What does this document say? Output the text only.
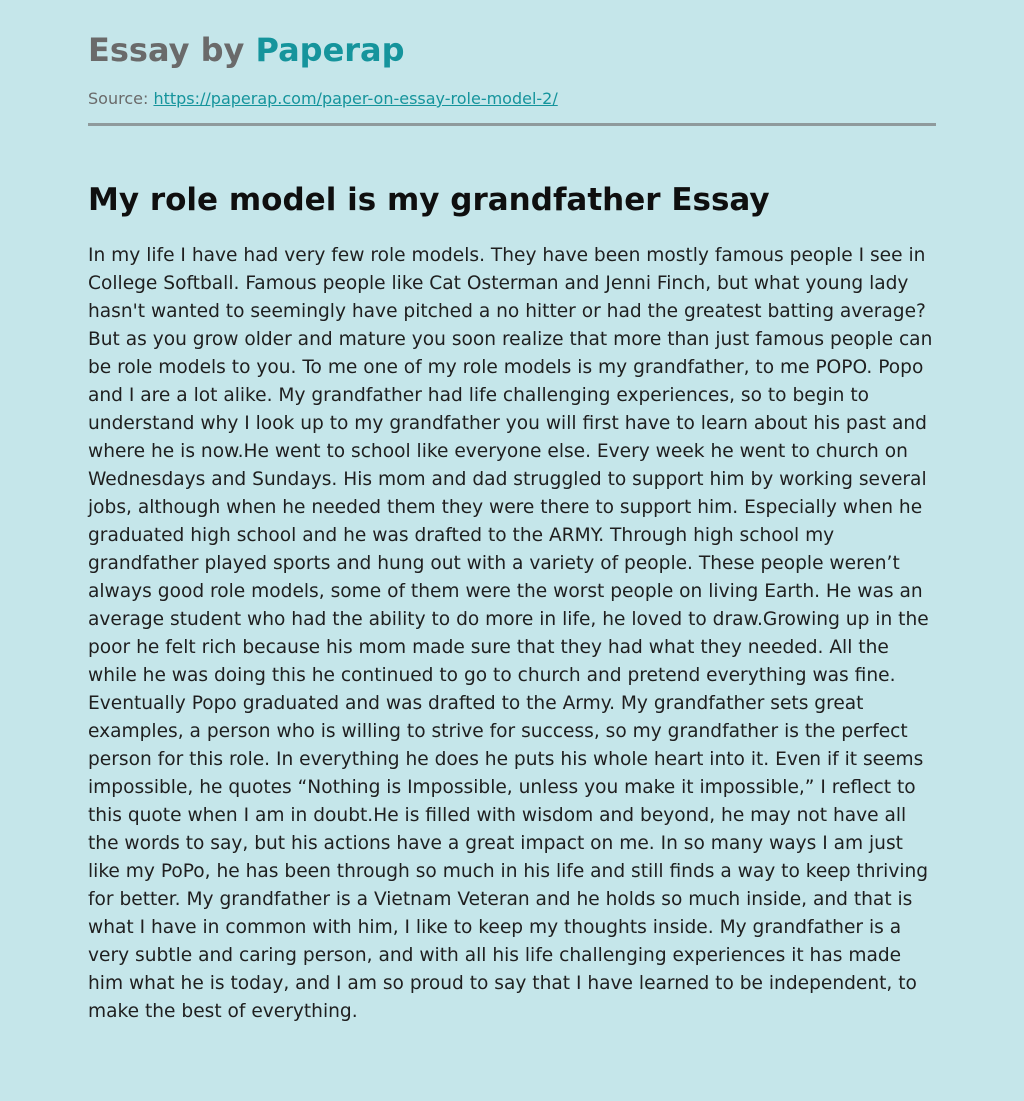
Essay by Paperap
Source: https://paperap.com/paper-on-essay-role-model-2/
My role model is my grandfather Essay

In my life I have had very few role models. They have been mostly famous people I see in College Softball. Famous people like Cat Osterman and Jenni Finch, but what young lady hasn't wanted to seemingly have pitched a no hitter or had the greatest batting average? But as you grow older and mature you soon realize that more than just famous people can be role models to you. To me one of my role models is my grandfather, to me POPO. Popo and I are a lot alike. My grandfather had life challenging experiences, so to begin to understand why I look up to my grandfather you will first have to learn about his past and where he is now.He went to school like everyone else. Every week he went to church on Wednesdays and Sundays. His mom and dad struggled to support him by working several jobs, although when he needed them they were there to support him. Especially when he graduated high school and he was drafted to the ARMY. Through high school my grandfather played sports and hung out with a variety of people. These people weren’t always good role models, some of them were the worst people on living Earth. He was an average student who had the ability to do more in life, he loved to draw.Growing up in the poor he felt rich because his mom made sure that they had what they needed. All the while he was doing this he continued to go to church and pretend everything was fine. Eventually Popo graduated and was drafted to the Army. My grandfather sets great examples, a person who is willing to strive for success, so my grandfather is the perfect person for this role. In everything he does he puts his whole heart into it. Even if it seems impossible, he quotes “Nothing is Impossible, unless you make it impossible,” I reflect to this quote when I am in doubt.He is filled with wisdom and beyond, he may not have all the words to say, but his actions have a great impact on me. In so many ways I am just like my PoPo, he has been through so much in his life and still finds a way to keep thriving for better. My grandfather is a Vietnam Veteran and he holds so much inside, and that is what I have in common with him, I like to keep my thoughts inside. My grandfather is a very subtle and caring person, and with all his life challenging experiences it has made him what he is today, and I am so proud to say that I have learned to be independent, to make the best of everything.
